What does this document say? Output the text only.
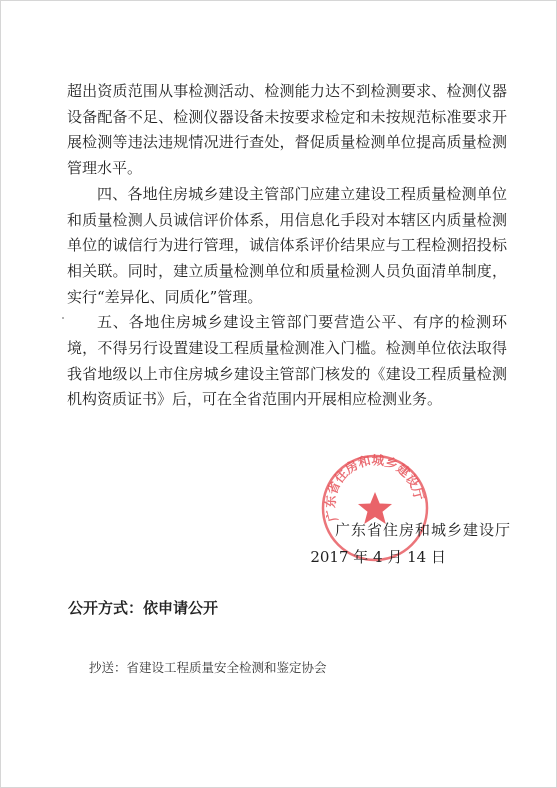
超出资质范围从事检测活动、检测能力达不到检测要求、检测仪器设备配备不足、检测仪器设备未按要求检定和未按规范标准要求开展检测等违法违规情况进行查处，督促质量检测单位提高质量检测管理水平。

四、各地住房城乡建设主管部门应建立建设工程质量检测单位和质量检测人员诚信评价体系，用信息化手段对本辖区内质量检测单位的诚信行为进行管理，诚信体系评价结果应与工程检测招投标相关联。同时，建立质量检测单位和质量检测人员负面清单制度，实行“差异化、同质化”管理。

五、各地住房城乡建设主管部门要营造公平、有序的检测环境，不得另行设置建设工程质量检测准入门槛。检测单位依法取得我省地级以上市住房城乡建设主管部门核发的《建设工程质量检测机构资质证书》后，可在全省范围内开展相应检测业务。

广东省住房和城乡建设厅
广东省住房和城乡建设厅
2017 年 4 月 14 日
公开方式：依申请公开
抄送：省建设工程质量安全检测和鉴定协会
